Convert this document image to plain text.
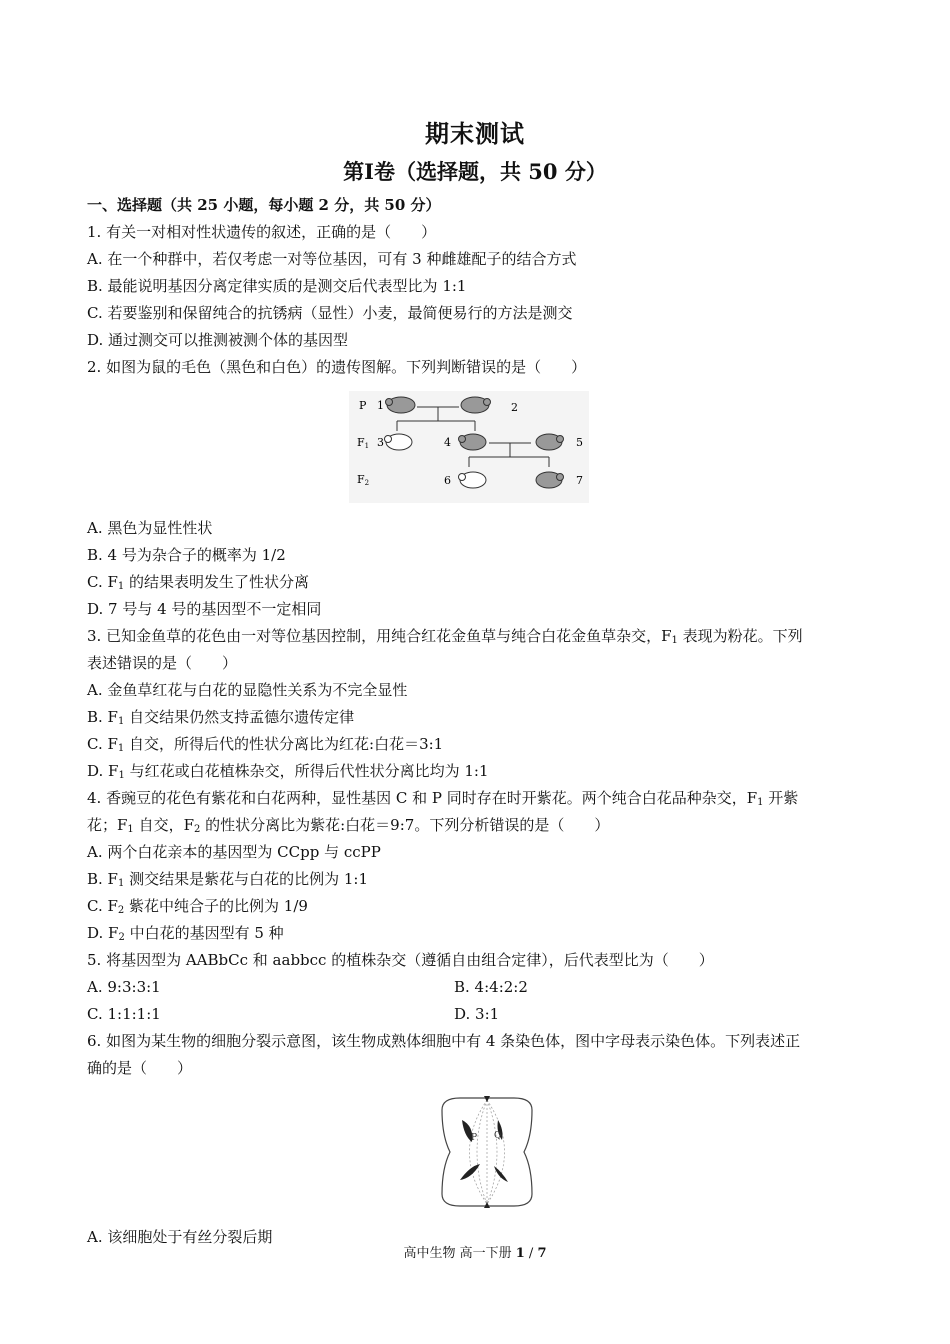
期末测试
第Ⅰ卷（选择题，共 50 分）
一、选择题（共 25 小题，每小题 2 分，共 50 分）
1. 有关一对相对性状遗传的叙述，正确的是（　　）
A. 在一个种群中，若仅考虑一对等位基因，可有 3 种雌雄配子的结合方式
B. 最能说明基因分离定律实质的是测交后代表型比为 1:1
C. 若要鉴别和保留纯合的抗锈病（显性）小麦，最简便易行的方法是测交
D. 通过测交可以推测被测个体的基因型
2. 如图为鼠的毛色（黑色和白色）的遗传图解。下列判断错误的是（　　）
P
F1
F2
1	2
3	4	5
6	7
A. 黑色为显性性状
B. 4 号为杂合子的概率为 1/2
C. $F_1$ 的结果表明发生了性状分离
D. 7 号与 4 号的基因型不一定相同
3. 已知金鱼草的花色由一对等位基因控制，用纯合红花金鱼草与纯合白花金鱼草杂交，$F_1$ 表现为粉花。下列
表述错误的是（　　）
A. 金鱼草红花与白花的显隐性关系为不完全显性
B. $F_1$ 自交结果仍然支持孟德尔遗传定律
C. $F_1$ 自交，所得后代的性状分离比为红花:白花＝3:1
D. $F_1$ 与红花或白花植株杂交，所得后代性状分离比均为 1:1
4. 香豌豆的花色有紫花和白花两种，显性基因 C 和 P 同时存在时开紫花。两个纯合白花品种杂交，$F_1$ 开紫
花；$F_1$ 自交，$F_2$ 的性状分离比为紫花:白花＝9:7。下列分析错误的是（　　）
A. 两个白花亲本的基因型为 CCpp 与 ccPP
B. $F_1$ 测交结果是紫花与白花的比例为 1:1
C. $F_2$ 紫花中纯合子的比例为 1/9
D. $F_2$ 中白花的基因型有 5 种
5. 将基因型为 AABbCc 和 aabbcc 的植株杂交（遵循自由组合定律），后代表型比为（　　）
A. 9:3:3:1	B. 4:4:2:2
C. 1:1:1:1	D. 3:1
6. 如图为某生物的细胞分裂示意图，该生物成熟体细胞中有 4 条染色体，图中字母表示染色体。下列表述正
确的是（　　）
P Q
A. 该细胞处于有丝分裂后期
高中生物 高一下册 1 / 7
